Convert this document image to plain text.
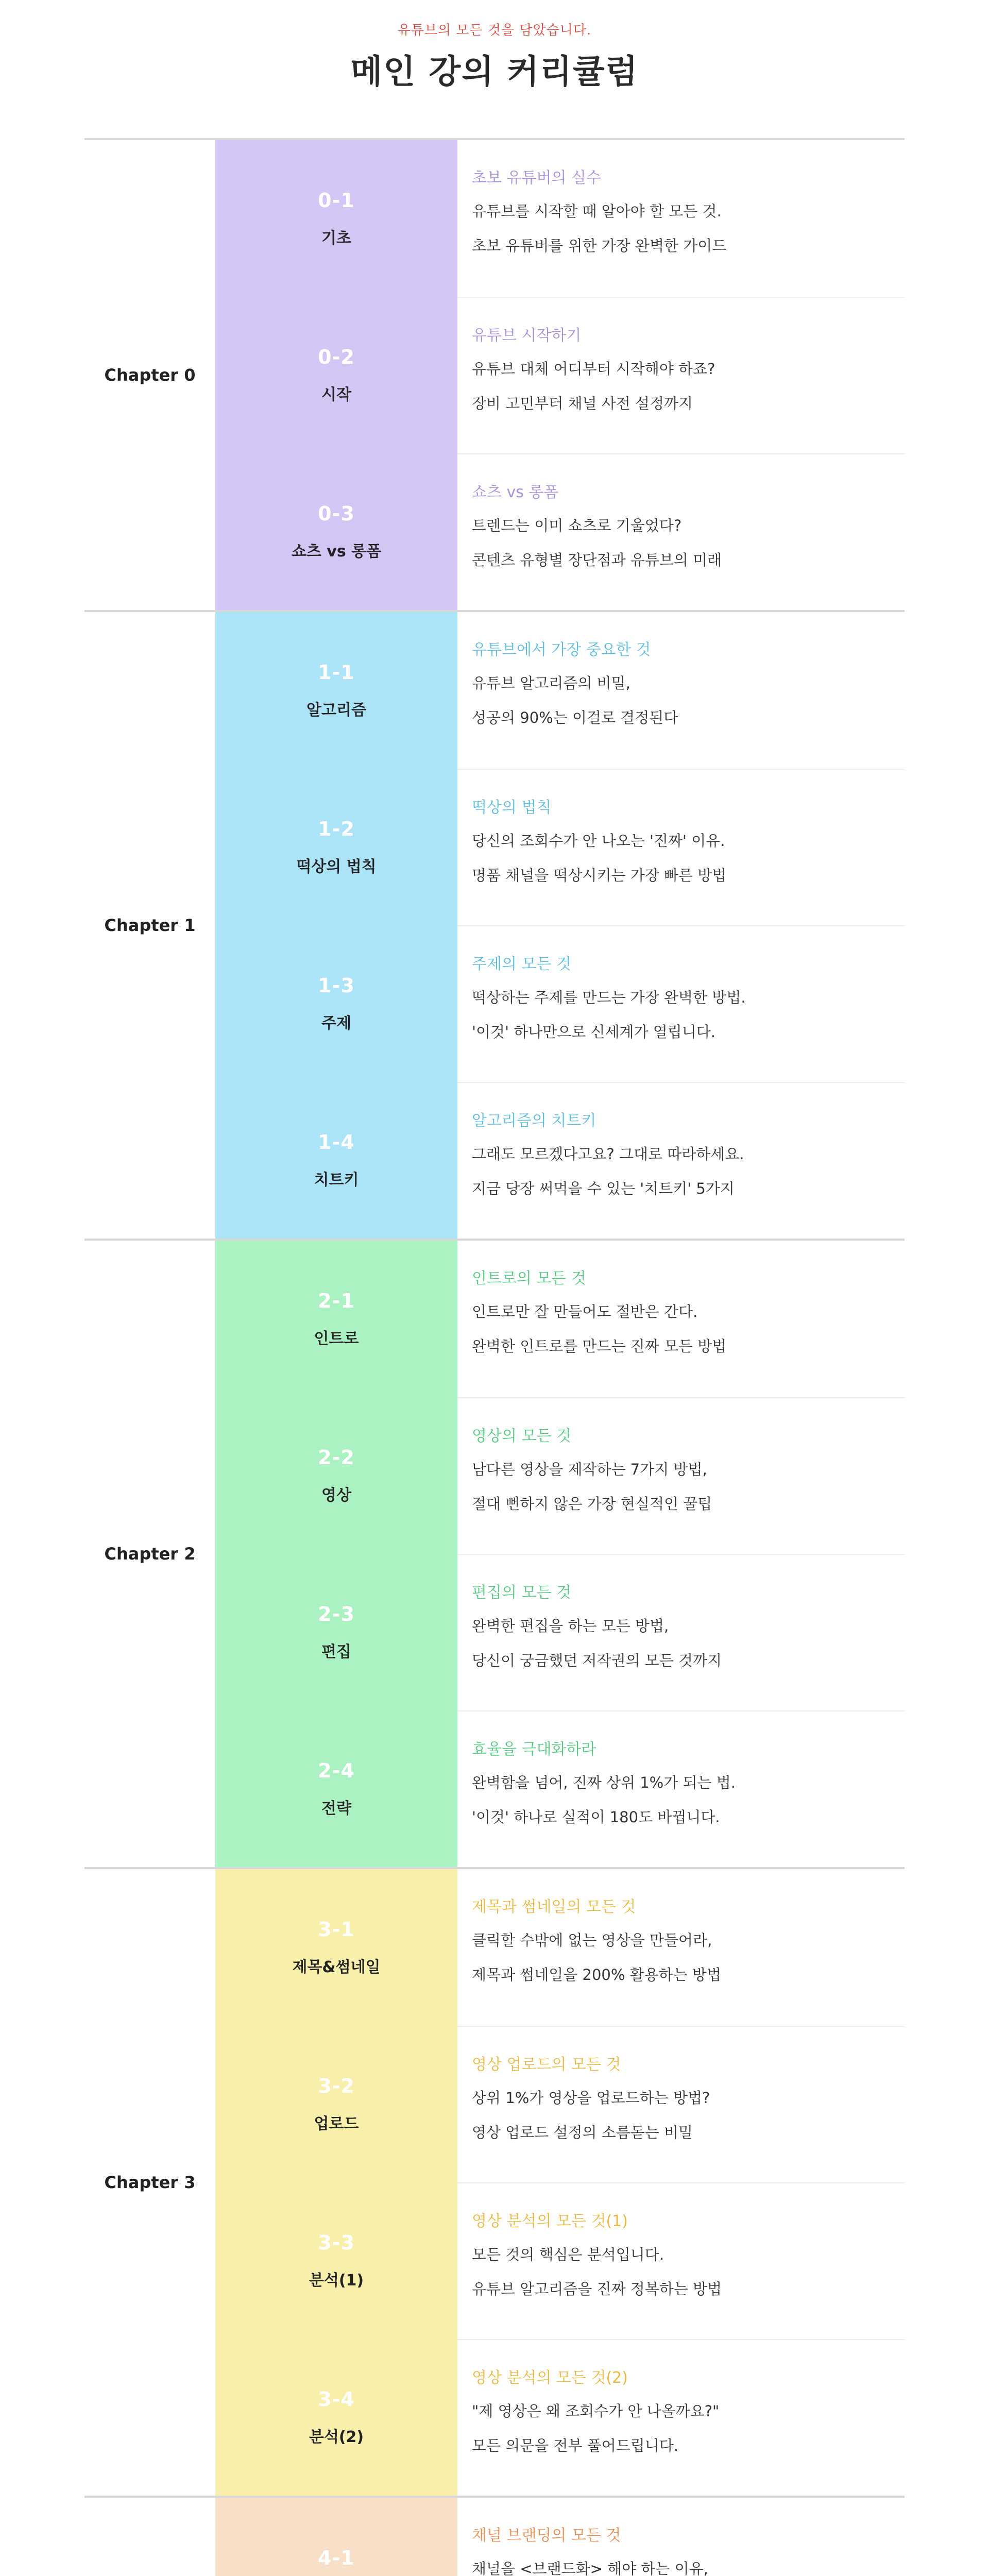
유튜브의 모든 것을 담았습니다.
메인 강의 커리큘럼
Chapter 0
0-1
기초
초보 유튜버의 실수
유튜브를 시작할 때 알아야 할 모든 것.
초보 유튜버를 위한 가장 완벽한 가이드
0-2
시작
유튜브 시작하기
유튜브 대체 어디부터 시작해야 하죠?
장비 고민부터 채널 사전 설정까지
0-3
쇼츠 vs 롱폼
쇼츠 vs 롱폼
트렌드는 이미 쇼츠로 기울었다?
콘텐츠 유형별 장단점과 유튜브의 미래
Chapter 1
1-1
알고리즘
유튜브에서 가장 중요한 것
유튜브 알고리즘의 비밀,
성공의 90%는 이걸로 결정된다
1-2
떡상의 법칙
떡상의 법칙
당신의 조회수가 안 나오는 '진짜' 이유.
명품 채널을 떡상시키는 가장 빠른 방법
1-3
주제
주제의 모든 것
떡상하는 주제를 만드는 가장 완벽한 방법.
'이것' 하나만으로 신세계가 열립니다.
1-4
치트키
알고리즘의 치트키
그래도 모르겠다고요? 그대로 따라하세요.
지금 당장 써먹을 수 있는 '치트키' 5가지
Chapter 2
2-1
인트로
인트로의 모든 것
인트로만 잘 만들어도 절반은 간다.
완벽한 인트로를 만드는 진짜 모든 방법
2-2
영상
영상의 모든 것
남다른 영상을 제작하는 7가지 방법,
절대 뻔하지 않은 가장 현실적인 꿀팁
2-3
편집
편집의 모든 것
완벽한 편집을 하는 모든 방법,
당신이 궁금했던 저작권의 모든 것까지
2-4
전략
효율을 극대화하라
완벽함을 넘어, 진짜 상위 1%가 되는 법.
'이것' 하나로 실적이 180도 바뀝니다.
Chapter 3
3-1
제목&썸네일
제목과 썸네일의 모든 것
클릭할 수밖에 없는 영상을 만들어라,
제목과 썸네일을 200% 활용하는 방법
3-2
업로드
영상 업로드의 모든 것
상위 1%가 영상을 업로드하는 방법?
영상 업로드 설정의 소름돋는 비밀
3-3
분석(1)
영상 분석의 모든 것(1)
모든 것의 핵심은 분석입니다.
유튜브 알고리즘을 진짜 정복하는 방법
3-4
분석(2)
영상 분석의 모든 것(2)
"제 영상은 왜 조회수가 안 나올까요?"
모든 의문을 전부 풀어드립니다.
4-1
채널 브랜딩의 모든 것
채널을 <브랜드화> 해야 하는 이유,
